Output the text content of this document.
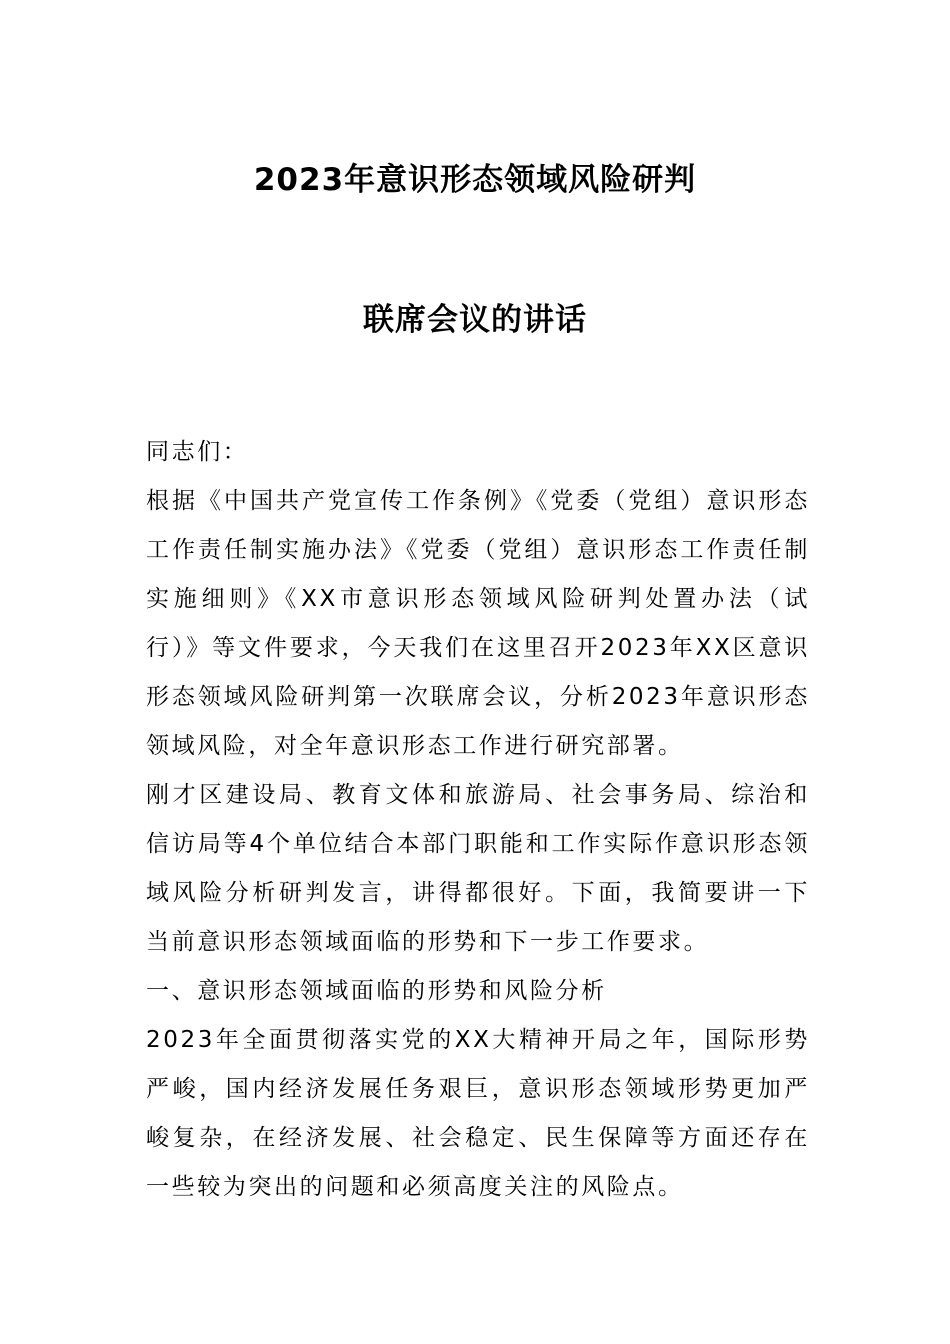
2023年意识形态领域风险研判
联席会议的讲话

同志们：

根据《中国共产党宣传工作条例》《党委（党组）意识形态工作责任制实施办法》《党委（党组）意识形态工作责任制实施细则》《XX市意识形态领域风险研判处置办法（试行）》等文件要求，今天我们在这里召开2023年XX区意识形态领域风险研判第一次联席会议，分析2023年意识形态领域风险，对全年意识形态工作进行研究部署。

刚才区建设局、教育文体和旅游局、社会事务局、综治和信访局等4个单位结合本部门职能和工作实际作意识形态领域风险分析研判发言，讲得都很好。下面，我简要讲一下当前意识形态领域面临的形势和下一步工作要求。

一、意识形态领域面临的形势和风险分析

2023年全面贯彻落实党的XX大精神开局之年，国际形势严峻，国内经济发展任务艰巨，意识形态领域形势更加严峻复杂，在经济发展、社会稳定、民生保障等方面还存在一些较为突出的问题和必须高度关注的风险点。
